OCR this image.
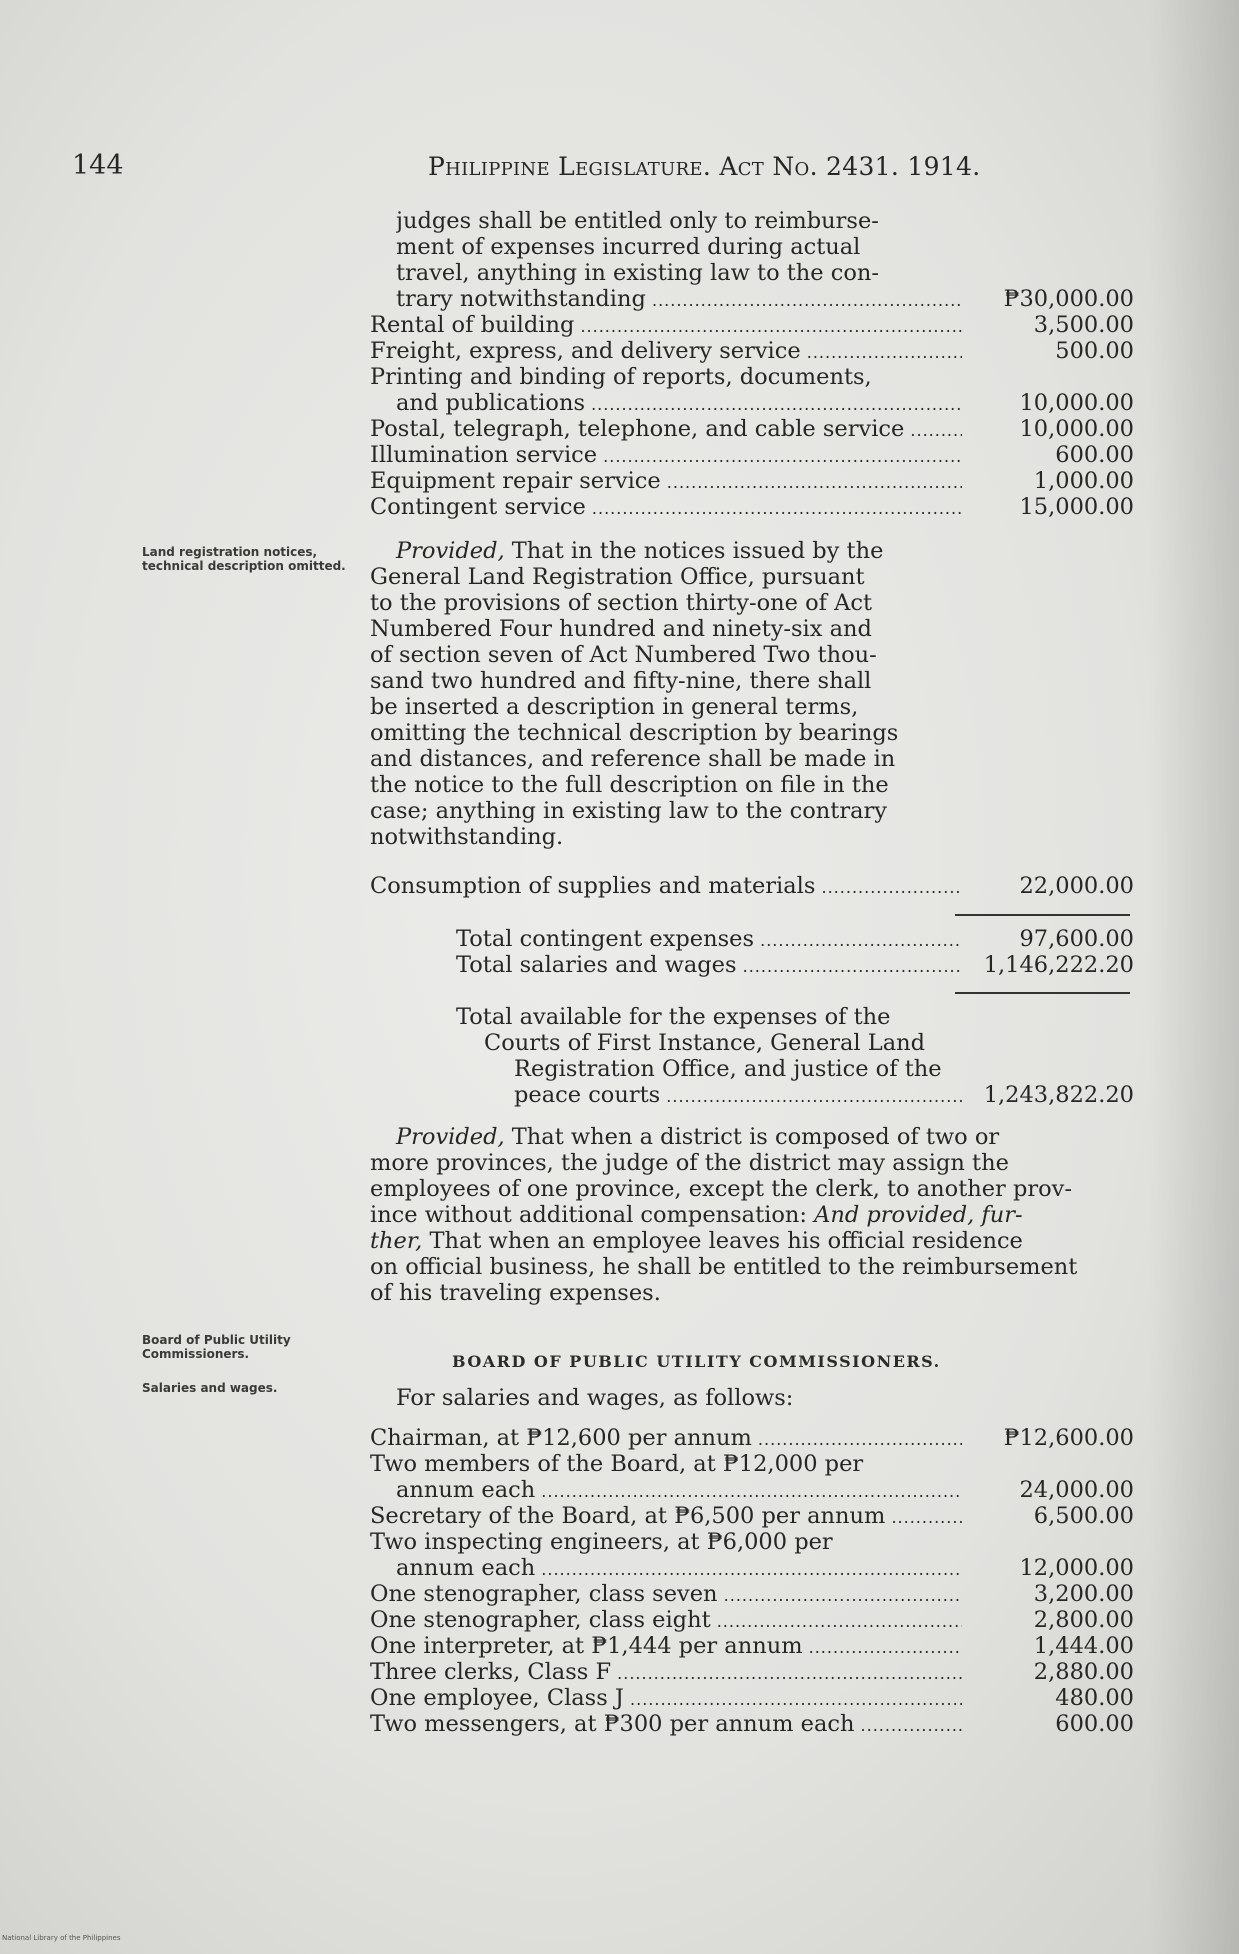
144	Philippine Legislature. Act No. 2431. 1914.
judges shall be entitled only to reimburse-
ment of expenses incurred during actual
travel, anything in existing law to the con-
trary notwithstanding .....	₱30,000.00
Rental of building .....	3,500.00
Freight, express, and delivery service .....	500.00
Printing and binding of reports, documents,
and publications .....	10,000.00
Postal, telegraph, telephone, and cable service .....	10,000.00
Illumination service .....	600.00
Equipment repair service .....	1,000.00
Contingent service .....	15,000.00
Land registration notices, technical description omitted.
Provided, That in the notices issued by the
General Land Registration Office, pursuant
to the provisions of section thirty-one of Act
Numbered Four hundred and ninety-six and
of section seven of Act Numbered Two thou-
sand two hundred and fifty-nine, there shall
be inserted a description in general terms,
omitting the technical description by bearings
and distances, and reference shall be made in
the notice to the full description on file in the
case; anything in existing law to the contrary
notwithstanding.
Consumption of supplies and materials .....	22,000.00
Total contingent expenses .....	97,600.00
Total salaries and wages .....	1,146,222.20
Total available for the expenses of the
Courts of First Instance, General Land
Registration Office, and justice of the
peace courts .....	1,243,822.20
Provided, That when a district is composed of two or
more provinces, the judge of the district may assign the
employees of one province, except the clerk, to another prov-
ince without additional compensation: And provided, fur-
ther, That when an employee leaves his official residence
on official business, he shall be entitled to the reimbursement
of his traveling expenses.
Board of Public Utility Commissioners.	BOARD OF PUBLIC UTILITY COMMISSIONERS.
Salaries and wages.	For salaries and wages, as follows:
Chairman, at ₱12,600 per annum .....	₱12,600.00
Two members of the Board, at ₱12,000 per
annum each .....	24,000.00
Secretary of the Board, at ₱6,500 per annum .....	6,500.00
Two inspecting engineers, at ₱6,000 per
annum each .....	12,000.00
One stenographer, class seven .....	3,200.00
One stenographer, class eight .....	2,800.00
One interpreter, at ₱1,444 per annum .....	1,444.00
Three clerks, Class F .....	2,880.00
One employee, Class J .....	480.00
Two messengers, at ₱300 per annum each .....	600.00
National Library of the Philippines
